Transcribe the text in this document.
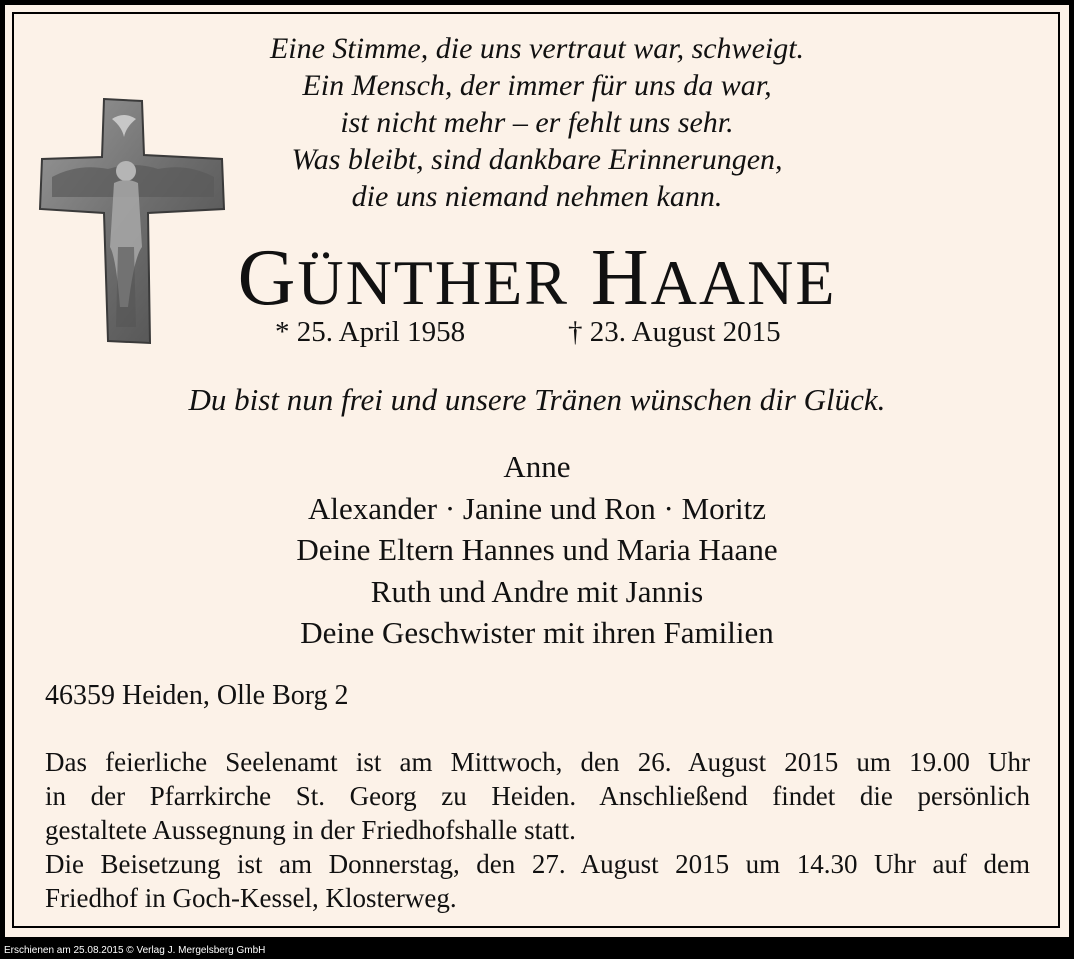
Eine Stimme, die uns vertraut war, schweigt.
Ein Mensch, der immer für uns da war,
ist nicht mehr – er fehlt uns sehr.
Was bleibt, sind dankbare Erinnerungen,
die uns niemand nehmen kann.
GÜNTHER HAANE
* 25. April 1958	† 23. August 2015
Du bist nun frei und unsere Tränen wünschen dir Glück.
Anne
Alexander · Janine und Ron · Moritz
Deine Eltern Hannes und Maria Haane
Ruth und Andre mit Jannis
Deine Geschwister mit ihren Familien
46359 Heiden, Olle Borg 2

Das feierliche Seelenamt ist am Mittwoch, den 26. August 2015 um 19.00 Uhr

in der Pfarrkirche St. Georg zu Heiden. Anschließend findet die persönlich

gestaltete Aussegnung in der Friedhofshalle statt.

Die Beisetzung ist am Donnerstag, den 27. August 2015 um 14.30 Uhr auf dem

Friedhof in Goch-Kessel, Klosterweg.

Erschienen am 25.08.2015 © Verlag J. Mergelsberg GmbH
